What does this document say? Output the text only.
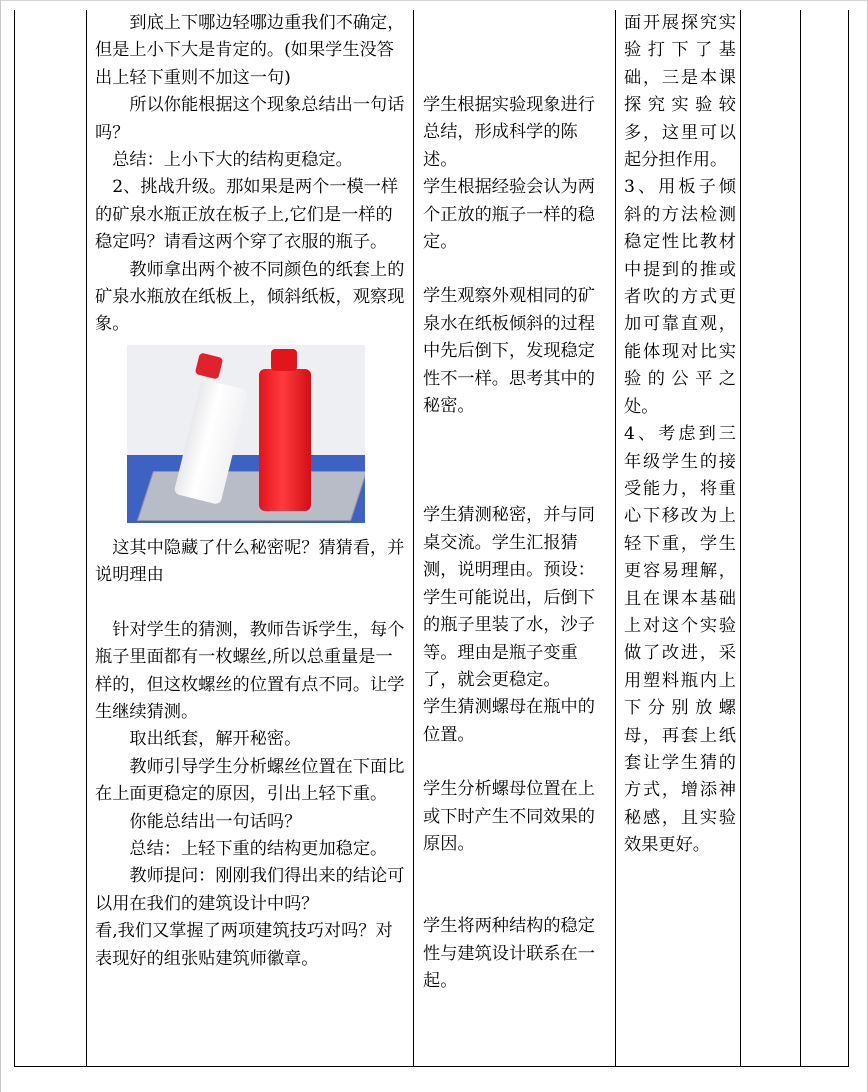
到底上下哪边轻哪边重我们不确定，但是上小下大是肯定的。(如果学生没答出上轻下重则不加这一句)

所以你能根据这个现象总结出一句话吗？

总结：上小下大的结构更稳定。

2、挑战升级。那如果是两个一模一样的矿泉水瓶正放在板子上,它们是一样的稳定吗？请看这两个穿了衣服的瓶子。

教师拿出两个被不同颜色的纸套上的矿泉水瓶放在纸板上，倾斜纸板，观察现象。

这其中隐藏了什么秘密呢？猜猜看，并说明理由

针对学生的猜测，教师告诉学生，每个瓶子里面都有一枚螺丝,所以总重量是一样的，但这枚螺丝的位置有点不同。让学生继续猜测。

取出纸套，解开秘密。

教师引导学生分析螺丝位置在下面比在上面更稳定的原因，引出上轻下重。

你能总结出一句话吗？

总结：上轻下重的结构更加稳定。

教师提问：刚刚我们得出来的结论可以用在我们的建筑设计中吗？

看,我们又掌握了两项建筑技巧对吗？对表现好的组张贴建筑师徽章。

学生根据实验现象进行总结，形成科学的陈述。

学生根据经验会认为两个正放的瓶子一样的稳定。

学生观察外观相同的矿泉水在纸板倾斜的过程中先后倒下，发现稳定性不一样。思考其中的秘密。

学生猜测秘密，并与同桌交流。学生汇报猜测，说明理由。预设：学生可能说出，后倒下的瓶子里装了水，沙子等。理由是瓶子变重了，就会更稳定。

学生猜测螺母在瓶中的位置。

学生分析螺母位置在上或下时产生不同效果的原因。

学生将两种结构的稳定性与建筑设计联系在一起。

面开展探究实验打下了基础，三是本课探究实验较多，这里可以起分担作用。

3、用板子倾斜的方法检测稳定性比教材中提到的推或者吹的方式更加可靠直观，能体现对比实验的公平之处。

4、考虑到三年级学生的接受能力，将重心下移改为上轻下重，学生更容易理解，且在课本基础上对这个实验做了改进，采用塑料瓶内上下分别放螺母，再套上纸套让学生猜的方式，增添神秘感，且实验效果更好。
